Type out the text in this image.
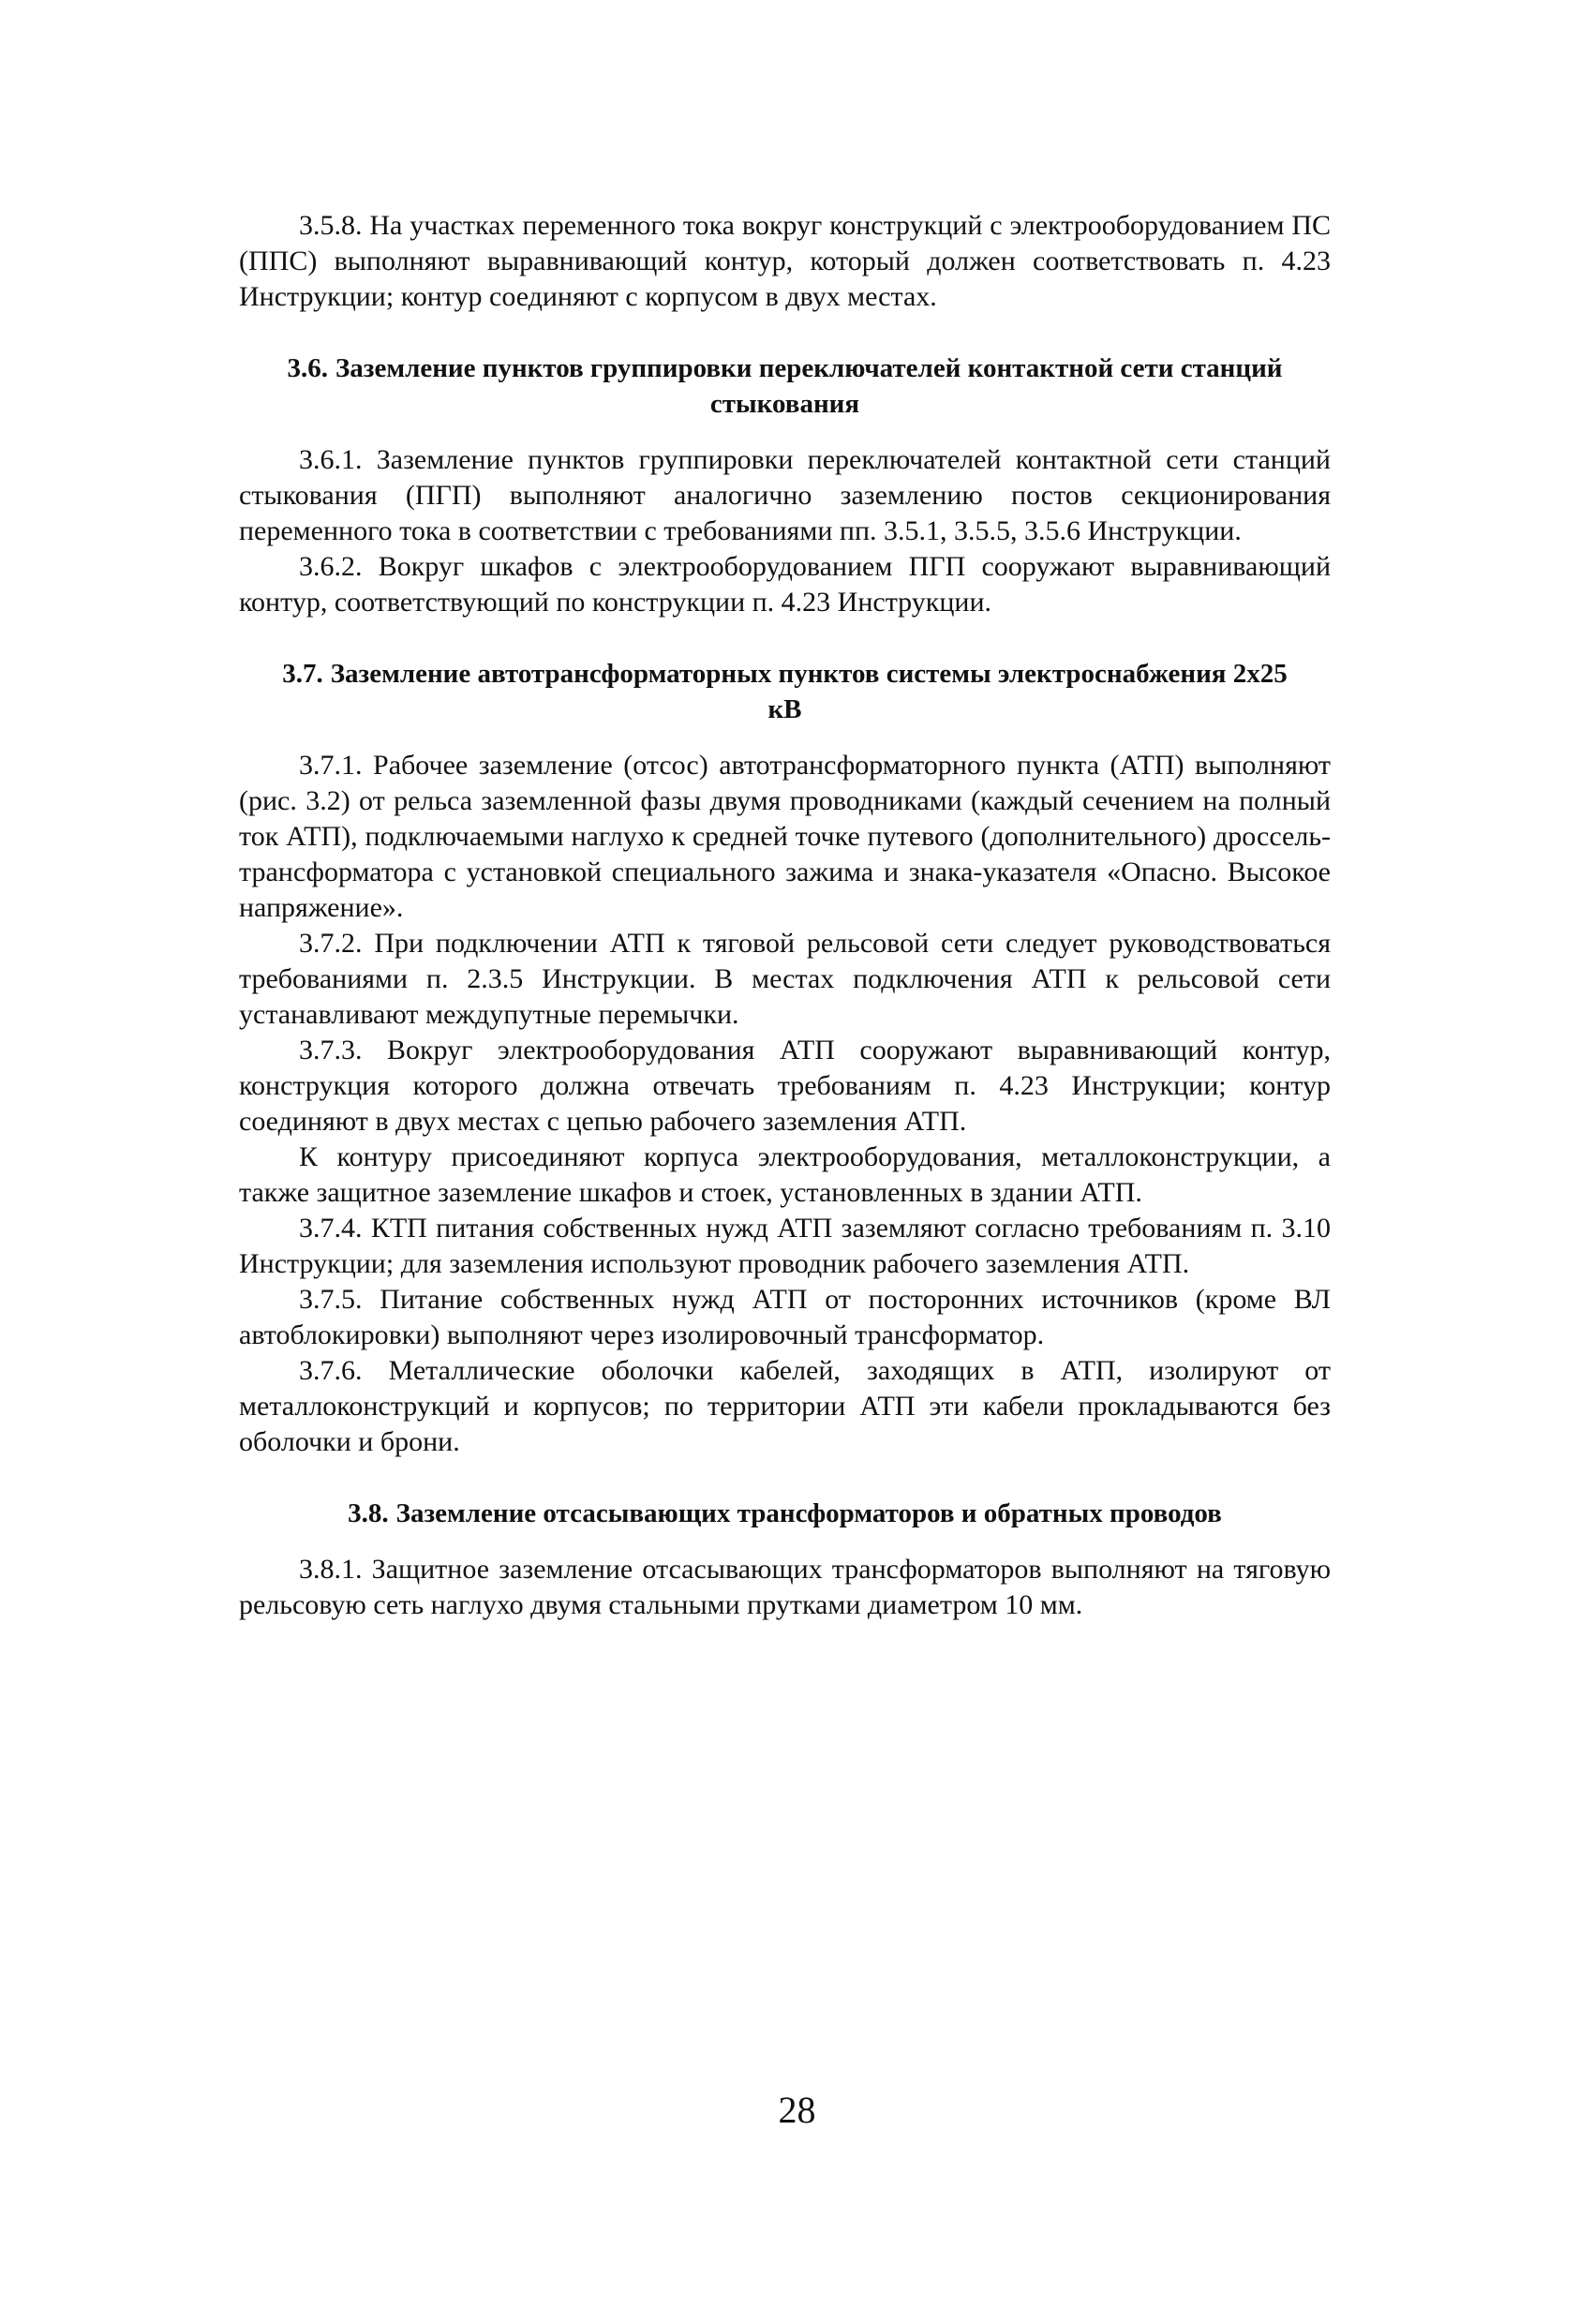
3.5.8. На участках переменного тока вокруг конструкций с электрооборудованием ПС (ППС) выполняют выравнивающий контур, который должен соответствовать п. 4.23 Инструкции; контур соединяют с корпусом в двух местах.

3.6. Заземление пунктов группировки переключателей контактной сети станций стыкования

3.6.1. Заземление пунктов группировки переключателей контактной сети станций стыкования (ПГП) выполняют аналогично заземлению постов секционирования переменного тока в соответствии с требованиями пп. 3.5.1, 3.5.5, 3.5.6 Инструкции.

3.6.2. Вокруг шкафов с электрооборудованием ПГП сооружают выравнивающий контур, соответствующий по конструкции п. 4.23 Инструкции.

3.7. Заземление автотрансформаторных пунктов системы электроснабжения 2x25 кВ

3.7.1. Рабочее заземление (отсос) автотрансформаторного пункта (АТП) выполняют (рис. 3.2) от рельса заземленной фазы двумя проводниками (каждый сечением на полный ток АТП), подключаемыми наглухо к средней точке путевого (дополнительного) дроссель-трансформатора с установкой специального зажима и знака-указателя «Опасно. Высокое напряжение».

3.7.2. При подключении АТП к тяговой рельсовой сети следует руководствоваться требованиями п. 2.3.5 Инструкции. В местах подключения АТП к рельсовой сети устанавливают междупутные перемычки.

3.7.3. Вокруг электрооборудования АТП сооружают выравнивающий контур, конструкция которого должна отвечать требованиям п. 4.23 Инструкции; контур соединяют в двух местах с цепью рабочего заземления АТП.

К контуру присоединяют корпуса электрооборудования, металлоконструкции, а также защитное заземление шкафов и стоек, установленных в здании АТП.

3.7.4. КТП питания собственных нужд АТП заземляют согласно требованиям п. 3.10 Инструкции; для заземления используют проводник рабочего заземления АТП.

3.7.5. Питание собственных нужд АТП от посторонних источников (кроме ВЛ автоблокировки) выполняют через изолировочный трансформатор.

3.7.6. Металлические оболочки кабелей, заходящих в АТП, изолируют от металлоконструкций и корпусов; по территории АТП эти кабели прокладываются без оболочки и брони.

3.8. Заземление отсасывающих трансформаторов и обратных проводов

3.8.1. Защитное заземление отсасывающих трансформаторов выполняют на тяговую рельсовую сеть наглухо двумя стальными прутками диаметром 10 мм.

28
